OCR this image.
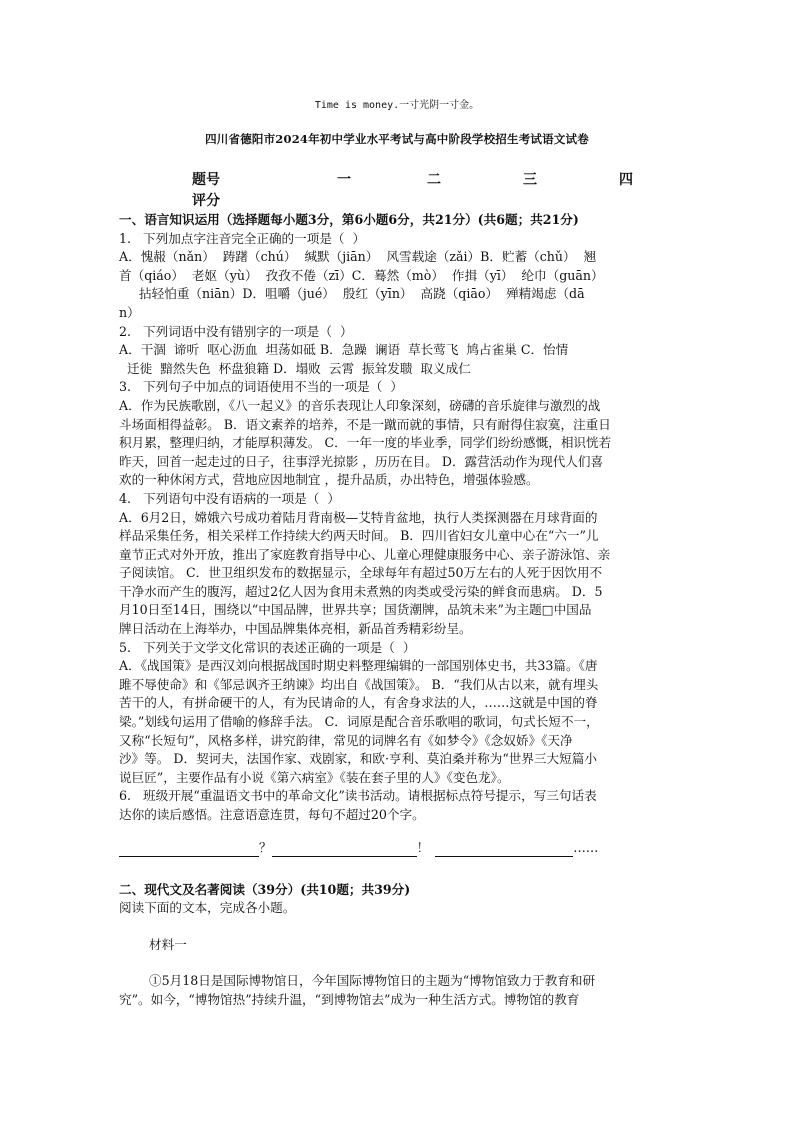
Time is money.一寸光阴一寸金。
四川省德阳市2024年初中学业水平考试与高中阶段学校招生考试语文试卷
题号	一	二	三	四
评分

一、语言知识运用（选择题每小题3分，第6小题6分，共21分）(共6题；共21分)

1.   下列加点字注音完全正确的一项是（  ）

A．愧赧（nǎn）  踌躇（chú）  缄默（jiān）  风雪载途（zǎi）B．贮蓄（chǔ）  翘

首（qiáo）  老妪（yù）  孜孜不倦（zī）C．蓦然（mò）  作揖（yī）  纶巾（guān）

拈轻怕重（niān）D．咀嚼（jué）  殷红（yīn）  高跷（qiāo）  殚精竭虑（dā

n）

2.   下列词语中没有错别字的一项是（  ）

A．干涸  谛听  呕心沥血  坦荡如砥 B．急躁  谰语  草长莺飞  鸠占雀巢 C．怡情

迁徙  黯然失色  杯盘狼籍 D．塌败  云霄  振耸发聩  取义成仁

3.   下列句子中加点的词语使用不当的一项是（  ）

A．作为民族歌剧，《八一起义》的音乐表现让人印象深刻，磅礴的音乐旋律与激烈的战

斗场面相得益彰。 B．语文素养的培养，不是一蹴而就的事情，只有耐得住寂寞，注重日

积月累，整理归纳，才能厚积薄发。 C．一年一度的毕业季，同学们纷纷感慨，相识恍若

昨天，回首一起走过的日子，往事浮光掠影 ，历历在目。 D．露营活动作为现代人们喜

欢的一种休闲方式，营地应因地制宜 ，提升品质，办出特色，增强体验感。

4.   下列语句中没有语病的一项是（  ）

A．6月2日，嫦娥六号成功着陆月背南极—艾特肯盆地，执行人类探测器在月球背面的

样品采集任务，相关采样工作持续大约两天时间。 B．四川省妇女儿童中心在“六一”儿

童节正式对外开放，推出了家庭教育指导中心、儿童心理健康服务中心、亲子游泳馆、亲

子阅读馆。 C．世卫组织发布的数据显示，全球每年有超过50万左右的人死于因饮用不

干净水而产生的腹泻，超过2亿人因为食用未煮熟的肉类或受污染的鲜食而患病。 D．5

月10日至14日，围绕以“中国品牌，世界共享；国货潮牌，品筑未来”为主题□中国品

牌日活动在上海举办，中国品牌集体亮相，新品首秀精彩纷呈。

5.   下列关于文学文化常识的表述正确的一项是（  ）

A．《战国策》是西汉刘向根据战国时期史料整理编辑的一部国别体史书，共33篇。《唐

雎不辱使命》和《邹忌讽齐王纳谏》均出自《战国策》。 B．“我们从古以来，就有埋头

苦干的人，有拼命硬干的人，有为民请命的人，有舍身求法的人，……这就是中国的脊

梁。”划线句运用了借喻的修辞手法。 C．词原是配合音乐歌唱的歌词，句式长短不一，

又称“长短句”，风格多样，讲究韵律，常见的词牌名有《如梦令》《念奴娇》《天净

沙》等。 D．契诃夫，法国作家、戏剧家，和欧·亨利、莫泊桑并称为“世界三大短篇小

说巨匠”，主要作品有小说《第六病室》《装在套子里的人》《变色龙》。

6.   班级开展“重温语文书中的革命文化”读书活动。请根据标点符号提示，写三句话表

达你的读后感悟。注意语意连贯，每句不超过20个字。

？	！	……

二、现代文及名著阅读（39分）(共10题；共39分)

阅读下面的文本，完成各小题。

材料一

①5月18日是国际博物馆日，今年国际博物馆日的主题为“博物馆致力于教育和研

究”。如今，“博物馆热”持续升温，“到博物馆去”成为一种生活方式。博物馆的教育
